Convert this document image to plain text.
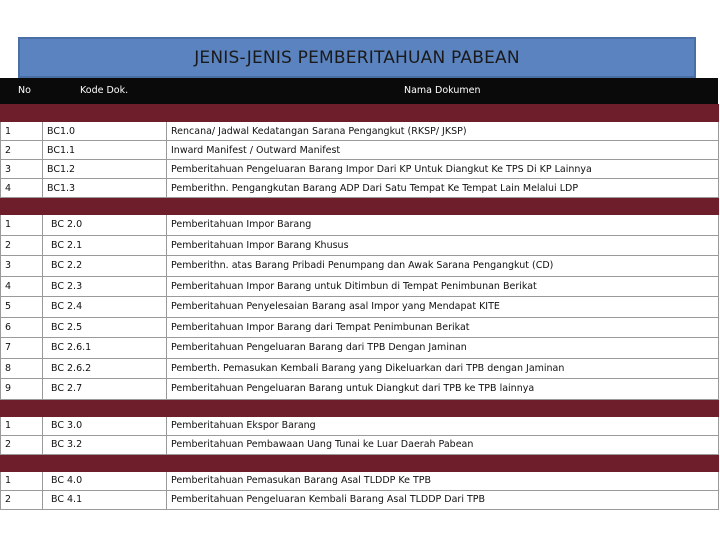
JENIS-JENIS PEMBERITAHUAN PABEAN
No	Kode Dok.	Nama Dokumen

1	BC1.0	Rencana/ Jadwal Kedatangan Sarana Pengangkut (RKSP/ JKSP)
2	BC1.1	Inward Manifest / Outward Manifest
3	BC1.2	Pemberitahuan Pengeluaran Barang Impor Dari KP Untuk Diangkut Ke TPS Di KP Lainnya
4	BC1.3	Pemberithn. Pengangkutan Barang ADP Dari Satu Tempat Ke Tempat Lain Melalui LDP

1	BC 2.0	Pemberitahuan Impor Barang
2	BC 2.1	Pemberitahuan Impor Barang Khusus
3	BC 2.2	Pemberithn. atas Barang Pribadi Penumpang dan Awak Sarana Pengangkut (CD)
4	BC 2.3	Pemberitahuan Impor Barang untuk Ditimbun di Tempat Penimbunan Berikat
5	BC 2.4	Pemberitahuan Penyelesaian Barang asal Impor yang Mendapat KITE
6	BC 2.5	Pemberitahuan Impor Barang dari Tempat Penimbunan Berikat
7	BC 2.6.1	Pemberitahuan Pengeluaran Barang dari TPB Dengan Jaminan
8	BC 2.6.2	Pemberth. Pemasukan Kembali Barang yang Dikeluarkan dari TPB dengan Jaminan
9	BC 2.7	Pemberitahuan Pengeluaran Barang untuk Diangkut dari TPB ke TPB lainnya

1	BC 3.0	Pemberitahuan Ekspor Barang
2	BC 3.2	Pemberitahuan Pembawaan Uang Tunai ke Luar Daerah Pabean

1	BC 4.0	Pemberitahuan Pemasukan Barang Asal TLDDP Ke TPB
2	BC 4.1	Pemberitahuan Pengeluaran Kembali Barang Asal TLDDP Dari TPB
